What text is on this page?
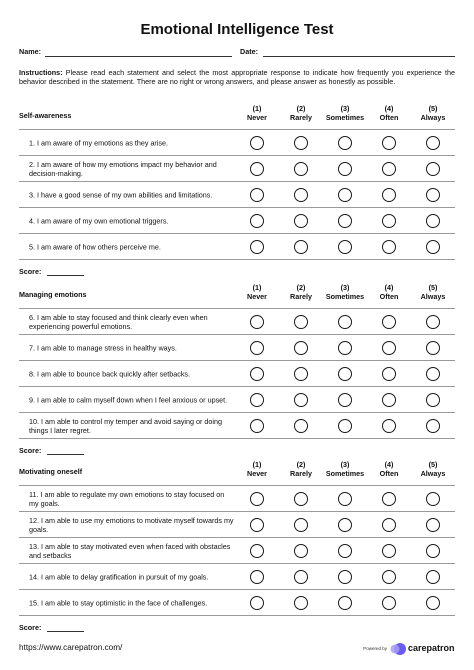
Emotional Intelligence Test
Name:	Date:
Instructions: Please read each statement and select the most appropriate response to indicate how frequently you experience the behavior described in the statement. There are no right or wrong answers, and please answer as honestly as possible.
Self-awareness
(1)
Never
(2)
Rarely
(3)
Sometimes
(4)
Often
(5)
Always
1. I am aware of my emotions as they arise.
2. I am aware of how my emotions impact my behavior and decision-making.
3. I have a good sense of my own abilities and limitations.
4. I am aware of my own emotional triggers.
5. I am aware of how others perceive me.
Score:
Managing emotions
(1)
Never
(2)
Rarely
(3)
Sometimes
(4)
Often
(5)
Always
6. I am able to stay focused and think clearly even when experiencing powerful emotions.
7. I am able to manage stress in healthy ways.
8. I am able to bounce back quickly after setbacks.
9. I am able to calm myself down when I feel anxious or upset.
10. I am able to control my temper and avoid saying or doing things I later regret.
Score:
Motivating oneself
(1)
Never
(2)
Rarely
(3)
Sometimes
(4)
Often
(5)
Always
11. I am able to regulate my own emotions to stay focused on my goals.
12. I am able to use my emotions to motivate myself towards my goals.
13. I am able to stay motivated even when faced with obstacles and setbacks
14. I am able to delay gratification in pursuit of my goals.
15. I am able to stay optimistic in the face of challenges.
Score:
https://www.carepatron.com/	Powered by carepatron
